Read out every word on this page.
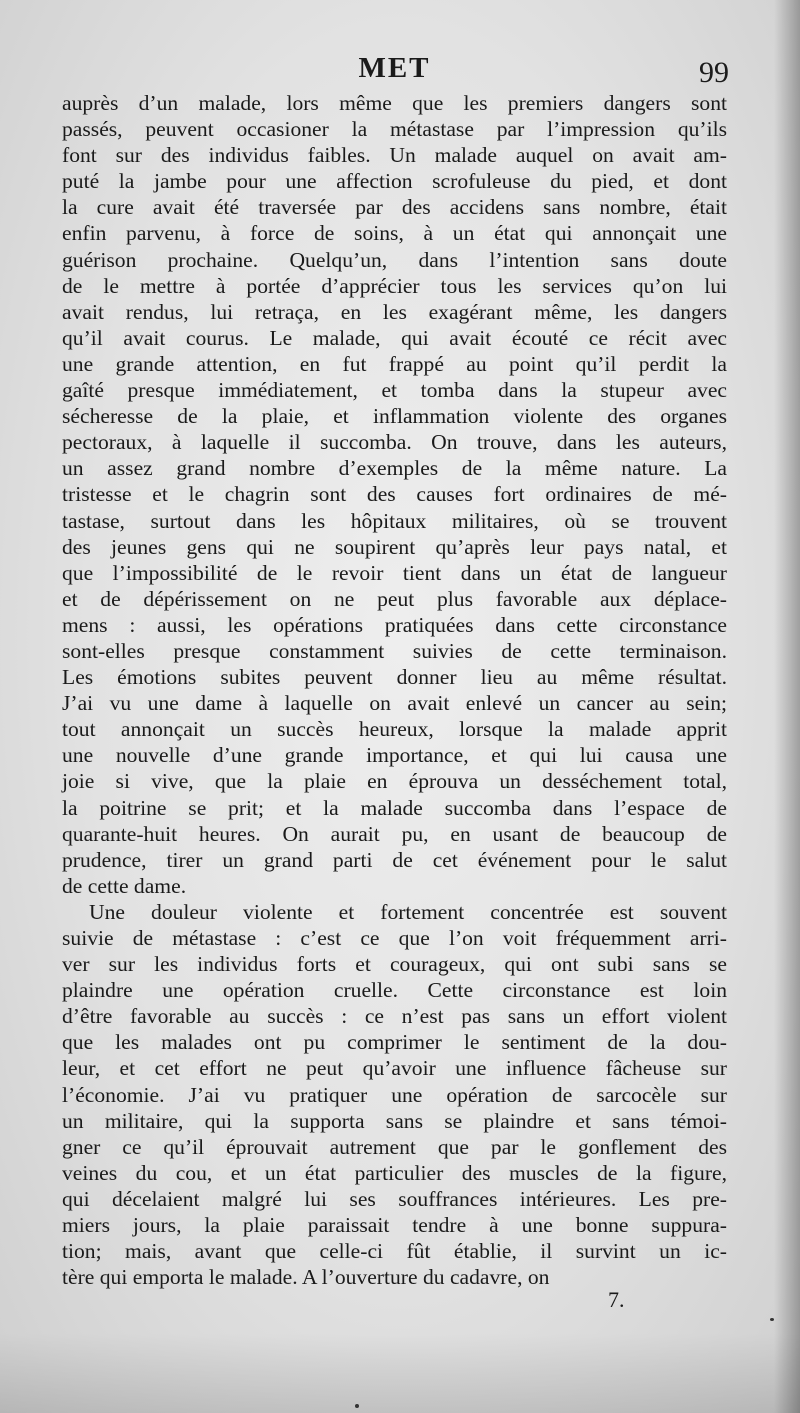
MET	99
auprès d’un malade, lors même que les premiers dangers sont
passés, peuvent occasioner la métastase par l’impression qu’ils
font sur des individus faibles. Un malade auquel on avait am-
puté la jambe pour une affection scrofuleuse du pied, et dont
la cure avait été traversée par des accidens sans nombre, était
enfin parvenu, à force de soins, à un état qui annonçait une
guérison prochaine. Quelqu’un, dans l’intention sans doute
de le mettre à portée d’apprécier tous les services qu’on lui
avait rendus, lui retraça, en les exagérant même, les dangers
qu’il avait courus. Le malade, qui avait écouté ce récit avec
une grande attention, en fut frappé au point qu’il perdit la
gaîté presque immédiatement, et tomba dans la stupeur avec
sécheresse de la plaie, et inflammation violente des organes
pectoraux, à laquelle il succomba. On trouve, dans les auteurs,
un assez grand nombre d’exemples de la même nature. La
tristesse et le chagrin sont des causes fort ordinaires de mé-
tastase, surtout dans les hôpitaux militaires, où se trouvent
des jeunes gens qui ne soupirent qu’après leur pays natal, et
que l’impossibilité de le revoir tient dans un état de langueur
et de dépérissement on ne peut plus favorable aux déplace-
mens : aussi, les opérations pratiquées dans cette circonstance
sont-elles presque constamment suivies de cette terminaison.
Les émotions subites peuvent donner lieu au même résultat.
J’ai vu une dame à laquelle on avait enlevé un cancer au sein;
tout annonçait un succès heureux, lorsque la malade apprit
une nouvelle d’une grande importance, et qui lui causa une
joie si vive, que la plaie en éprouva un desséchement total,
la poitrine se prit; et la malade succomba dans l’espace de
quarante-huit heures. On aurait pu, en usant de beaucoup de
prudence, tirer un grand parti de cet événement pour le salut
de cette dame.
Une douleur violente et fortement concentrée est souvent
suivie de métastase : c’est ce que l’on voit fréquemment arri-
ver sur les individus forts et courageux, qui ont subi sans se
plaindre une opération cruelle. Cette circonstance est loin
d’être favorable au succès : ce n’est pas sans un effort violent
que les malades ont pu comprimer le sentiment de la dou-
leur, et cet effort ne peut qu’avoir une influence fâcheuse sur
l’économie. J’ai vu pratiquer une opération de sarcocèle sur
un militaire, qui la supporta sans se plaindre et sans témoi-
gner ce qu’il éprouvait autrement que par le gonflement des
veines du cou, et un état particulier des muscles de la figure,
qui décelaient malgré lui ses souffrances intérieures. Les pre-
miers jours, la plaie paraissait tendre à une bonne suppura-
tion; mais, avant que celle-ci fût établie, il survint un ic-
tère qui emporta le malade. A l’ouverture du cadavre, on
7.
